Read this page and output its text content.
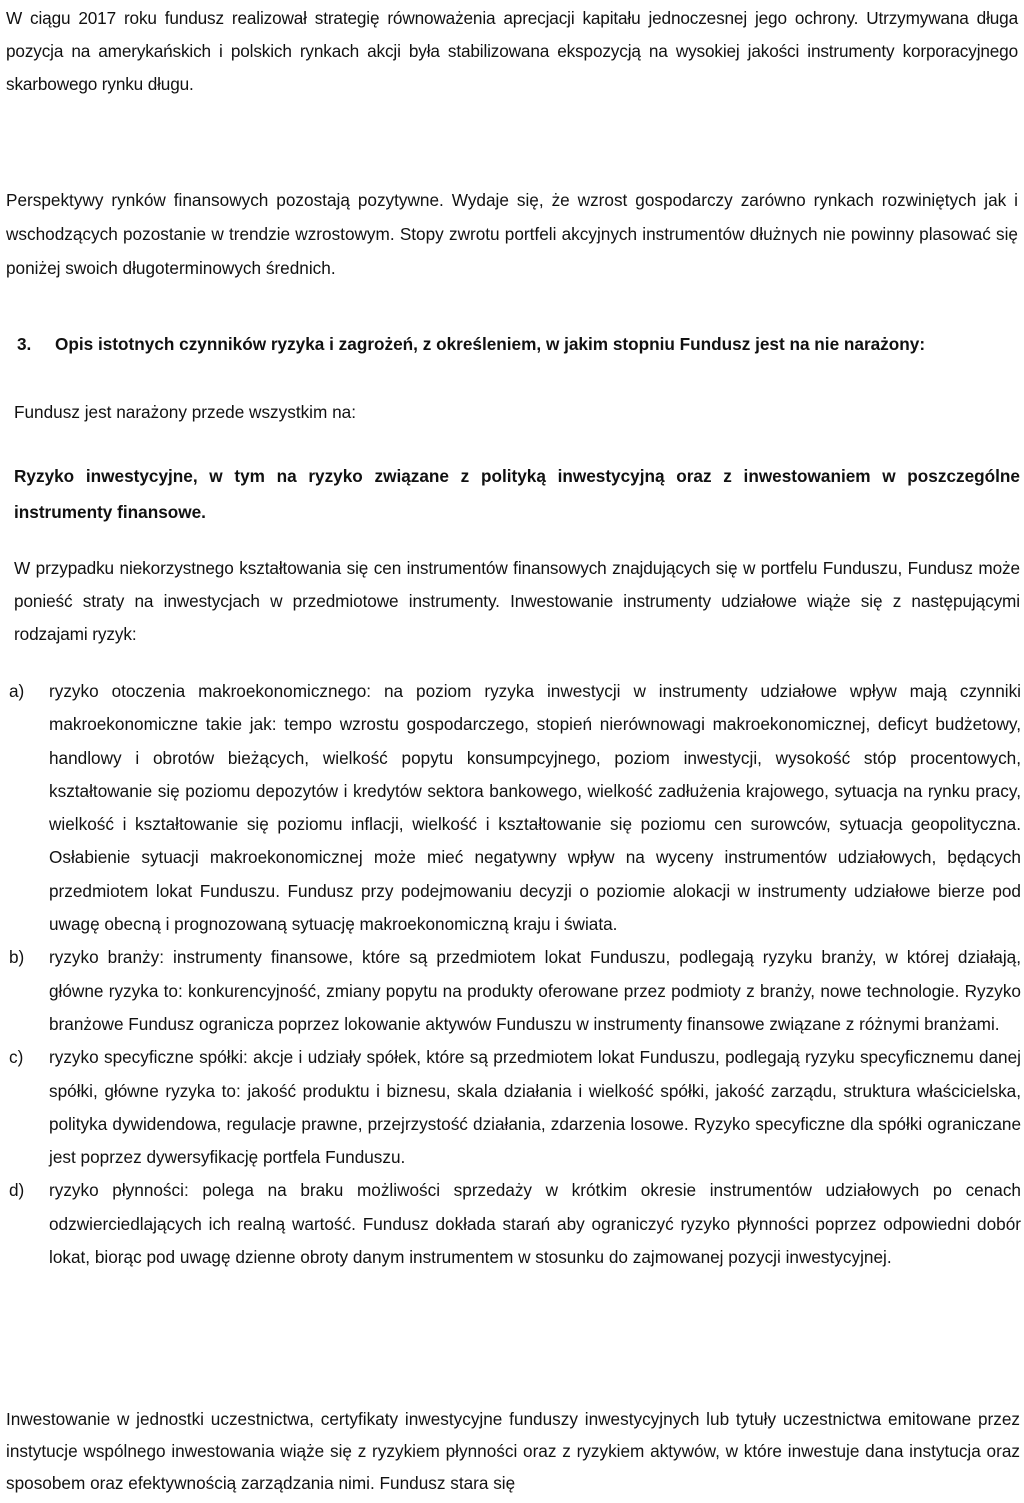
W ciągu 2017 roku fundusz realizował strategię równoważenia aprecjacji kapitału jednoczesnej jego ochrony. Utrzymywana długa pozycja na amerykańskich i polskich rynkach akcji była stabilizowana ekspozycją na wysokiej jakości instrumenty korporacyjnego skarbowego rynku długu.

Perspektywy rynków finansowych pozostają pozytywne. Wydaje się, że wzrost gospodarczy zarówno rynkach rozwiniętych jak i wschodzących pozostanie w trendzie wzrostowym. Stopy zwrotu portfeli akcyjnych instrumentów dłużnych nie powinny plasować się poniżej swoich długoterminowych średnich.

3.	Opis istotnych czynników ryzyka i zagrożeń, z określeniem, w jakim stopniu Fundusz jest na nie narażony:

Fundusz jest narażony przede wszystkim na:

Ryzyko inwestycyjne, w tym na ryzyko związane z polityką inwestycyjną oraz z inwestowaniem w poszczególne instrumenty finansowe.

W przypadku niekorzystnego kształtowania się cen instrumentów finansowych znajdujących się w portfelu Funduszu, Fundusz może ponieść straty na inwestycjach w przedmiotowe instrumenty. Inwestowanie instrumenty udziałowe wiąże się z następującymi rodzajami ryzyk:

a)	ryzyko otoczenia makroekonomicznego: na poziom ryzyka inwestycji w instrumenty udziałowe wpływ mają czynniki makroekonomiczne takie jak: tempo wzrostu gospodarczego, stopień nierównowagi makroekonomicznej, deficyt budżetowy, handlowy i obrotów bieżących, wielkość popytu konsumpcyjnego, poziom inwestycji, wysokość stóp procentowych, kształtowanie się poziomu depozytów i kredytów sektora bankowego, wielkość zadłużenia krajowego, sytuacja na rynku pracy, wielkość i kształtowanie się poziomu inflacji, wielkość i kształtowanie się poziomu cen surowców, sytuacja geopolityczna. Osłabienie sytuacji makroekonomicznej może mieć negatywny wpływ na wyceny instrumentów udziałowych, będących przedmiotem lokat Funduszu. Fundusz przy podejmowaniu decyzji o poziomie alokacji w instrumenty udziałowe bierze pod uwagę obecną i prognozowaną sytuację makroekonomiczną kraju i świata.

b)	ryzyko branży: instrumenty finansowe, które są przedmiotem lokat Funduszu, podlegają ryzyku branży, w której działają, główne ryzyka to: konkurencyjność, zmiany popytu na produkty oferowane przez podmioty z branży, nowe technologie. Ryzyko branżowe Fundusz ogranicza poprzez lokowanie aktywów Funduszu w instrumenty finansowe związane z różnymi branżami.

c)	ryzyko specyficzne spółki: akcje i udziały spółek, które są przedmiotem lokat Funduszu, podlegają ryzyku specyficznemu danej spółki, główne ryzyka to: jakość produktu i biznesu, skala działania i wielkość spółki, jakość zarządu, struktura właścicielska, polityka dywidendowa, regulacje prawne, przejrzystość działania, zdarzenia losowe. Ryzyko specyficzne dla spółki ograniczane jest poprzez dywersyfikację portfela Funduszu.

d)	ryzyko płynności: polega na braku możliwości sprzedaży w krótkim okresie instrumentów udziałowych po cenach odzwierciedlających ich realną wartość. Fundusz dokłada starań aby ograniczyć ryzyko płynności poprzez odpowiedni dobór lokat, biorąc pod uwagę dzienne obroty danym instrumentem w stosunku do zajmowanej pozycji inwestycyjnej.

Inwestowanie w jednostki uczestnictwa, certyfikaty inwestycyjne funduszy inwestycyjnych lub tytuły uczestnictwa emitowane przez instytucje wspólnego inwestowania wiąże się z ryzykiem płynności oraz z ryzykiem aktywów, w które inwestuje dana instytucja oraz sposobem oraz efektywnością zarządzania nimi. Fundusz stara się
